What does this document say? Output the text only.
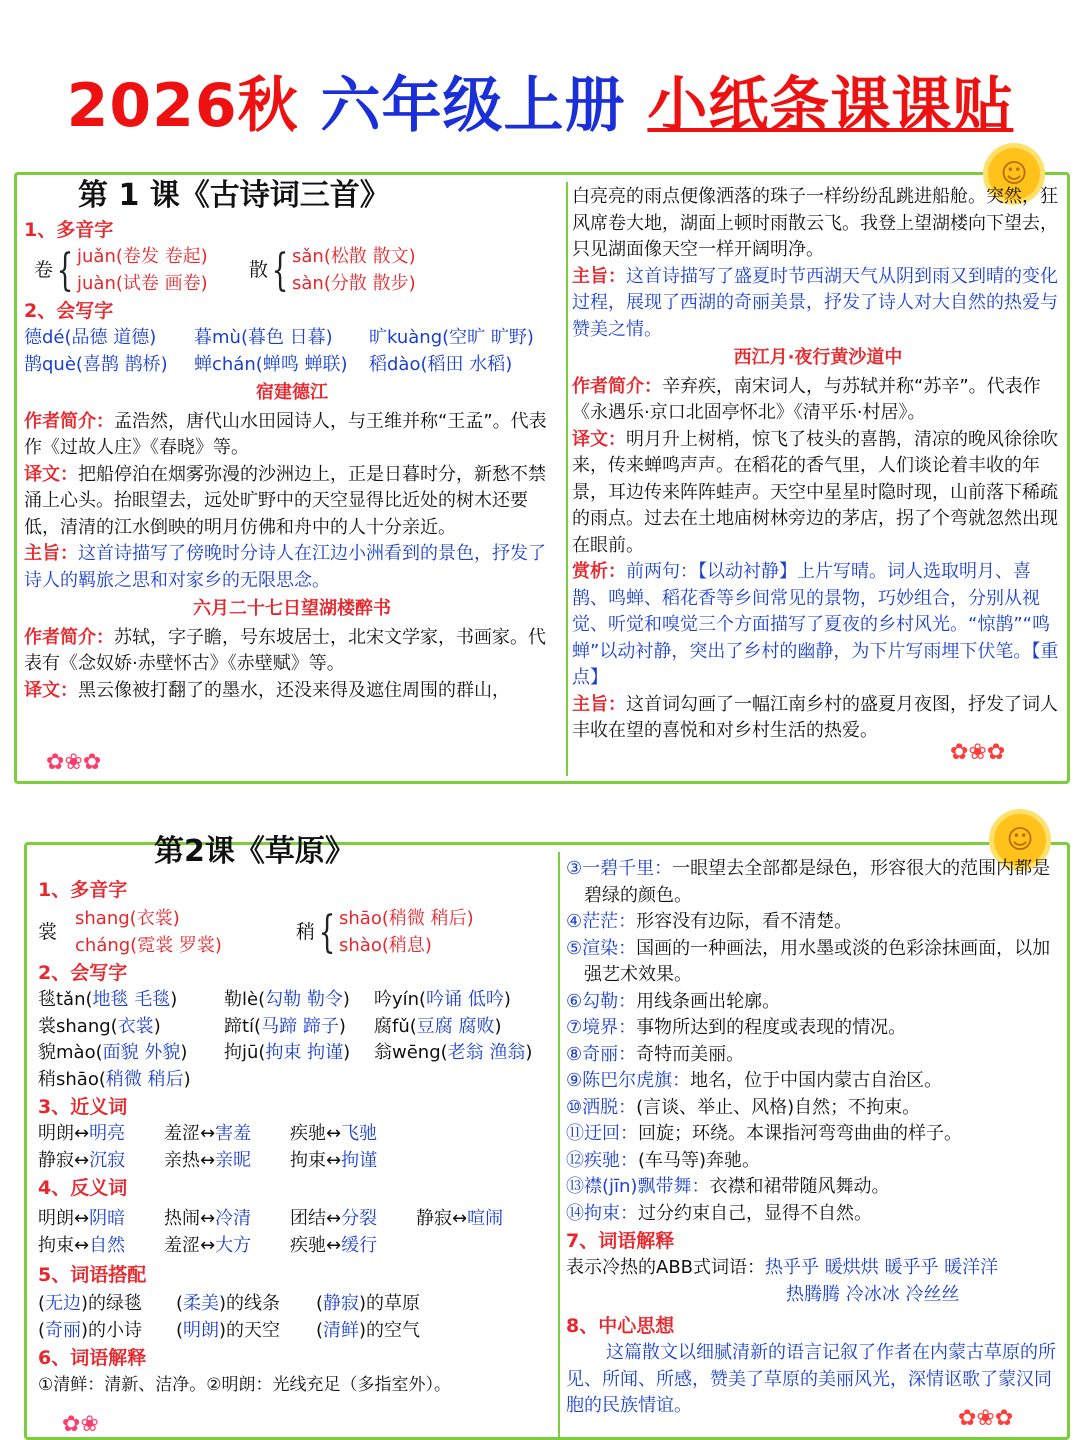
2026秋 六年级上册 小纸条课课贴
☺
✿❀✿	✿❀✿
第 1 课《古诗词三首》
1、多音字
卷 { juǎn(卷发 卷起)
juàn(试卷 画卷)
散 { sǎn(松散 散文)
sàn(分散 散步)
2、会写字
德dé(品德 道德)	暮mù(暮色 日暮)	旷kuàng(空旷 旷野)
鹊què(喜鹊 鹊桥)	蝉chán(蝉鸣 蝉联)	稻dào(稻田 水稻)
宿建德江
作者简介：孟浩然，唐代山水田园诗人，与王维并称“王孟”。代表作《过故人庄》《春晓》等。
译文：把船停泊在烟雾弥漫的沙洲边上，正是日暮时分，新愁不禁涌上心头。抬眼望去，远处旷野中的天空显得比近处的树木还要低，清清的江水倒映的明月仿佛和舟中的人十分亲近。
主旨：这首诗描写了傍晚时分诗人在江边小洲看到的景色，抒发了诗人的羁旅之思和对家乡的无限思念。
六月二十七日望湖楼醉书
作者简介：苏轼，字子瞻，号东坡居士，北宋文学家，书画家。代表有《念奴娇·赤壁怀古》《赤壁赋》等。
译文：黑云像被打翻了的墨水，还没来得及遮住周围的群山，
白亮亮的雨点便像洒落的珠子一样纷纷乱跳进船舱。突然，狂风席卷大地，湖面上顿时雨散云飞。我登上望湖楼向下望去，只见湖面像天空一样开阔明净。
主旨：这首诗描写了盛夏时节西湖天气从阴到雨又到晴的变化过程，展现了西湖的奇丽美景，抒发了诗人对大自然的热爱与赞美之情。
西江月·夜行黄沙道中
作者简介：辛弃疾，南宋词人，与苏轼并称“苏辛”。代表作《永遇乐·京口北固亭怀北》《清平乐·村居》。
译文：明月升上树梢，惊飞了枝头的喜鹊，清凉的晚风徐徐吹来，传来蝉鸣声声。在稻花的香气里，人们谈论着丰收的年景，耳边传来阵阵蛙声。天空中星星时隐时现，山前落下稀疏的雨点。过去在土地庙树林旁边的茅店，拐了个弯就忽然出现在眼前。
赏析：前两句：【以动衬静】上片写晴。词人选取明月、喜鹊、鸣蝉、稻花香等乡间常见的景物，巧妙组合，分别从视觉、听觉和嗅觉三个方面描写了夏夜的乡村风光。“惊鹊”“鸣蝉”以动衬静，突出了乡村的幽静，为下片写雨埋下伏笔。【重点】
主旨：这首词勾画了一幅江南乡村的盛夏月夜图，抒发了词人丰收在望的喜悦和对乡村生活的热爱。
☺
✿❀	✿❀✿
第2课《草原》
1、多音字
裳
shang(衣裳)
cháng(霓裳 罗裳)
稍 { shāo(稍微 稍后)
shào(稍息)
2、会写字
毯tǎn(地毯 毛毯)	勒lè(勾勒 勒令)	吟yín(吟诵 低吟)
裳shang(衣裳)	蹄tí(马蹄 蹄子)	腐fǔ(豆腐 腐败)
貌mào(面貌 外貌)	拘jū(拘束 拘谨)	翁wēng(老翁 渔翁)
稍shāo(稍微 稍后)
3、近义词
明朗↔明亮	羞涩↔害羞	疾驰↔飞驰
静寂↔沉寂	亲热↔亲昵	拘束↔拘谨
4、反义词
明朗↔阴暗	热闹↔冷清	团结↔分裂	静寂↔喧闹
拘束↔自然	羞涩↔大方	疾驰↔缓行
5、词语搭配
(无边)的绿毯	(柔美)的线条	(静寂)的草原
(奇丽)的小诗	(明朗)的天空	(清鲜)的空气
6、词语解释
①清鲜：清新、洁净。②明朗：光线充足（多指室外）。
③一碧千里：一眼望去全部都是绿色，形容很大的范围内都是碧绿的颜色。
④茫茫：形容没有边际，看不清楚。
⑤渲染：国画的一种画法，用水墨或淡的色彩涂抹画面，以加强艺术效果。
⑥勾勒：用线条画出轮廓。
⑦境界：事物所达到的程度或表现的情况。
⑧奇丽：奇特而美丽。
⑨陈巴尔虎旗：地名，位于中国内蒙古自治区。
⑩洒脱：(言谈、举止、风格)自然；不拘束。
⑪迂回：回旋；环绕。本课指河弯弯曲曲的样子。
⑫疾驰：(车马等)奔驰。
⑬襟(jīn)飘带舞：衣襟和裙带随风舞动。
⑭拘束：过分约束自己，显得不自然。
7、词语解释
表示冷热的ABB式词语：热乎乎 暖烘烘 暖乎乎 暖洋洋
热腾腾 冷冰冰 冷丝丝
8、中心思想
这篇散文以细腻清新的语言记叙了作者在内蒙古草原的所见、所闻、所感，赞美了草原的美丽风光，深情讴歌了蒙汉同胞的民族情谊。
